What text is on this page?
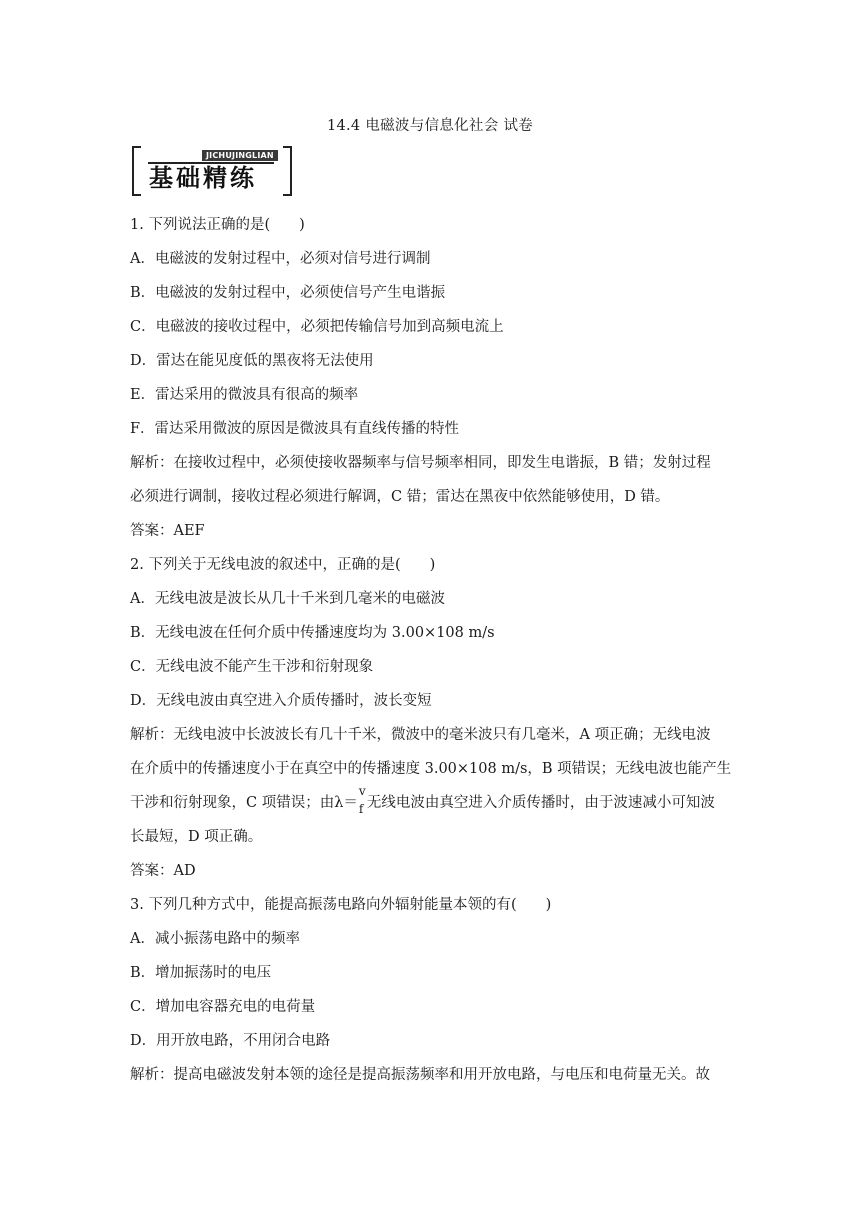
14.4 电磁波与信息化社会 试卷
JICHUJINGLIAN
基础精练
1. 下列说法正确的是(　　)
A．电磁波的发射过程中，必须对信号进行调制
B．电磁波的发射过程中，必须使信号产生电谐振
C．电磁波的接收过程中，必须把传输信号加到高频电流上
D．雷达在能见度低的黑夜将无法使用
E．雷达采用的微波具有很高的频率
F．雷达采用微波的原因是微波具有直线传播的特性
解析：在接收过程中，必须使接收器频率与信号频率相同，即发生电谐振，B 错；发射过程
必须进行调制，接收过程必须进行解调，C 错；雷达在黑夜中依然能够使用，D 错。
答案：AEF
2. 下列关于无线电波的叙述中，正确的是(　　)
A．无线电波是波长从几十千米到几毫米的电磁波
B．无线电波在任何介质中传播速度均为 3.00×108 m/s
C．无线电波不能产生干涉和衍射现象
D．无线电波由真空进入介质传播时，波长变短
解析：无线电波中长波波长有几十千米，微波中的毫米波只有几毫米，A 项正确；无线电波
在介质中的传播速度小于在真空中的传播速度 3.00×108 m/s，B 项错误；无线电波也能产生
干涉和衍射现象，C 项错误；由λ＝
v
f 无线电波由真空进入介质传播时，由于波速减小可知波
长最短，D 项正确。
答案：AD
3. 下列几种方式中，能提高振荡电路向外辐射能量本领的有(　　)
A．减小振荡电路中的频率
B．增加振荡时的电压
C．增加电容器充电的电荷量
D．用开放电路，不用闭合电路
解析：提高电磁波发射本领的途径是提高振荡频率和用开放电路，与电压和电荷量无关。故
